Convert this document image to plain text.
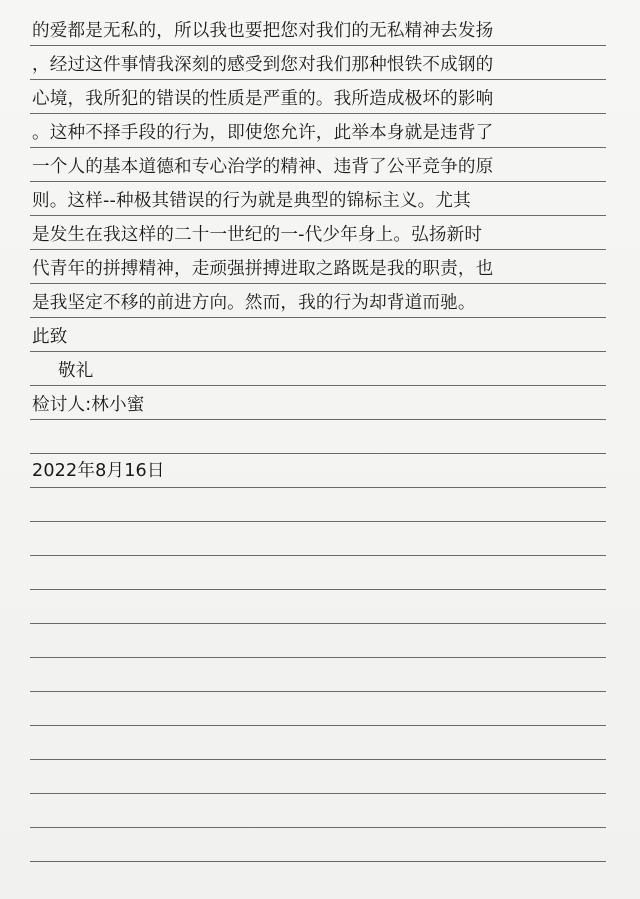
的爱都是无私的，所以我也要把您对我们的无私精神去发扬
，经过这件事情我深刻的感受到您对我们那种恨铁不成钢的
心境，我所犯的错误的性质是严重的。我所造成极坏的影响
。这种不择手段的行为，即使您允许，此举本身就是违背了
一个人的基本道德和专心治学的精神、违背了公平竞争的原
则。这样--种极其错误的行为就是典型的锦标主义。尤其
是发生在我这样的二十一世纪的一-代少年身上。弘扬新时
代青年的拼搏精神，走顽强拼搏进取之路既是我的职责，也
是我坚定不移的前进方向。然而，我的行为却背道而驰。
此致
敬礼
检讨人:林小蜜
2022年8月16日
